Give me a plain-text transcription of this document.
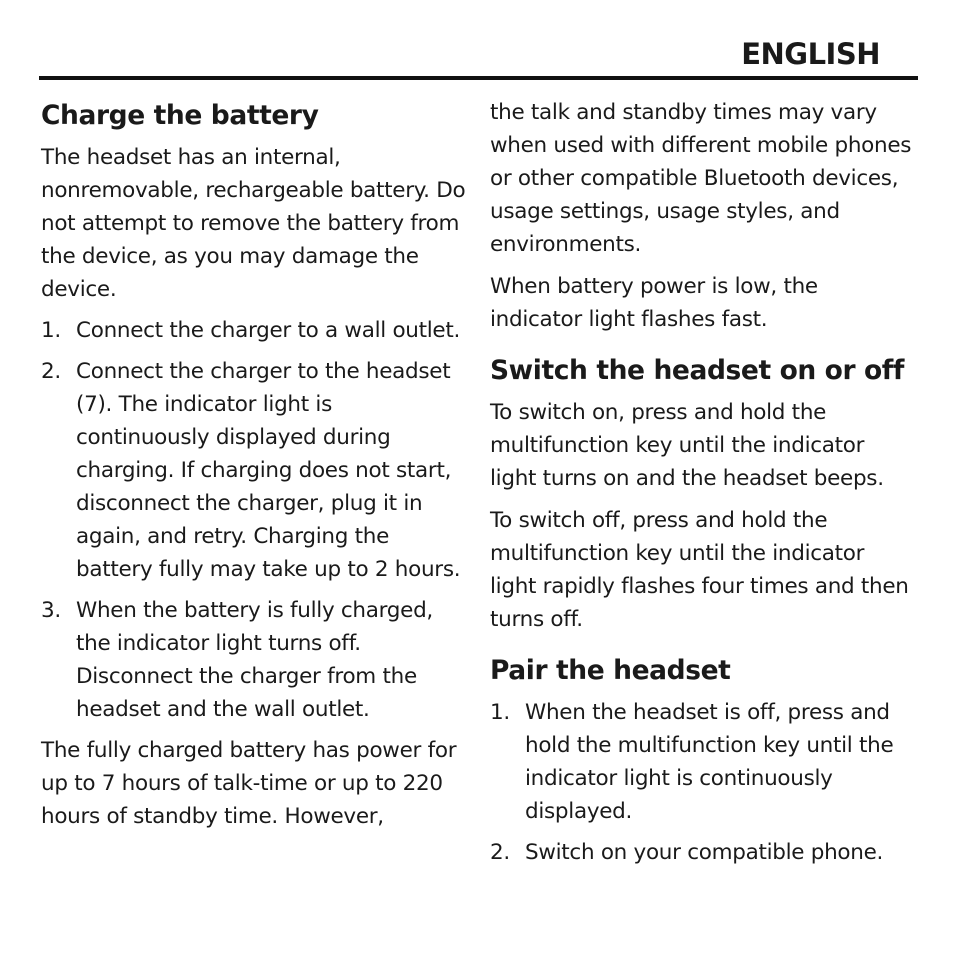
ENGLISH
Charge the battery

The headset has an internal, nonremovable, rechargeable battery. Do not attempt to remove the battery from the device, as you may damage the device.

1. Connect the charger to a wall outlet.
2. Connect the charger to the headset (7). The indicator light is continuously displayed during charging. If charging does not start, disconnect the charger, plug it in again, and retry. Charging the battery fully may take up to 2 hours.
3. When the battery is fully charged, the indicator light turns off. Disconnect the charger from the headset and the wall outlet.

The fully charged battery has power for up to 7 hours of talk-time or up to 220 hours of standby time. However,

the talk and standby times may vary when used with different mobile phones or other compatible Bluetooth devices, usage settings, usage styles, and environments.

When battery power is low, the indicator light flashes fast.

Switch the headset on or off

To switch on, press and hold the multifunction key until the indicator light turns on and the headset beeps.

To switch off, press and hold the multifunction key until the indicator light rapidly flashes four times and then turns off.

Pair the headset
1. When the headset is off, press and hold the multifunction key until the indicator light is continuously displayed.
2. Switch on your compatible phone.
